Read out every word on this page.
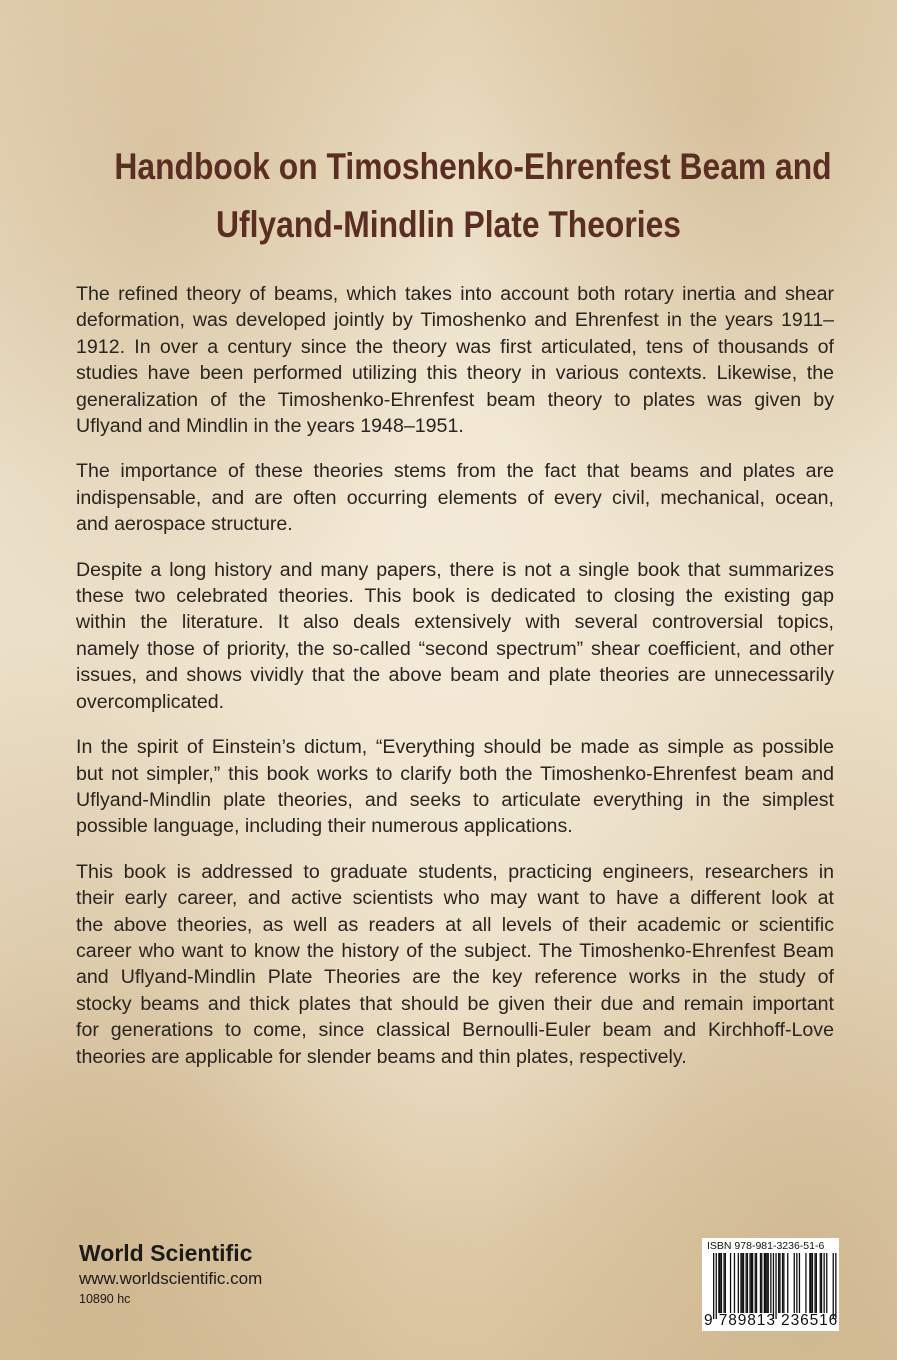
Handbook on Timoshenko-Ehrenfest Beam and
Uflyand-Mindlin Plate Theories
The refined theory of beams, which takes into account both rotary inertia and shear
deformation, was developed jointly by Timoshenko and Ehrenfest in the years 1911–
1912. In over a century since the theory was first articulated, tens of thousands of
studies have been performed utilizing this theory in various contexts. Likewise, the
generalization of the Timoshenko-Ehrenfest beam theory to plates was given by
Uflyand and Mindlin in the years 1948–1951.
The importance of these theories stems from the fact that beams and plates are
indispensable, and are often occurring elements of every civil, mechanical, ocean,
and aerospace structure.
Despite a long history and many papers, there is not a single book that summarizes
these two celebrated theories. This book is dedicated to closing the existing gap
within the literature. It also deals extensively with several controversial topics,
namely those of priority, the so-called “second spectrum” shear coefficient, and other
issues, and shows vividly that the above beam and plate theories are unnecessarily
overcomplicated.
In the spirit of Einstein’s dictum, “Everything should be made as simple as possible
but not simpler,” this book works to clarify both the Timoshenko-Ehrenfest beam and
Uflyand-Mindlin plate theories, and seeks to articulate everything in the simplest
possible language, including their numerous applications.
This book is addressed to graduate students, practicing engineers, researchers in
their early career, and active scientists who may want to have a different look at
the above theories, as well as readers at all levels of their academic or scientific
career who want to know the history of the subject. The Timoshenko-Ehrenfest Beam
and Uflyand-Mindlin Plate Theories are the key reference works in the study of
stocky beams and thick plates that should be given their due and remain important
for generations to come, since classical Bernoulli-Euler beam and Kirchhoff-Love
theories are applicable for slender beams and thin plates, respectively.
World Scientific
www.worldscientific.com
10890 hc
ISBN 978-981-3236-51-6
9 789813 236516
